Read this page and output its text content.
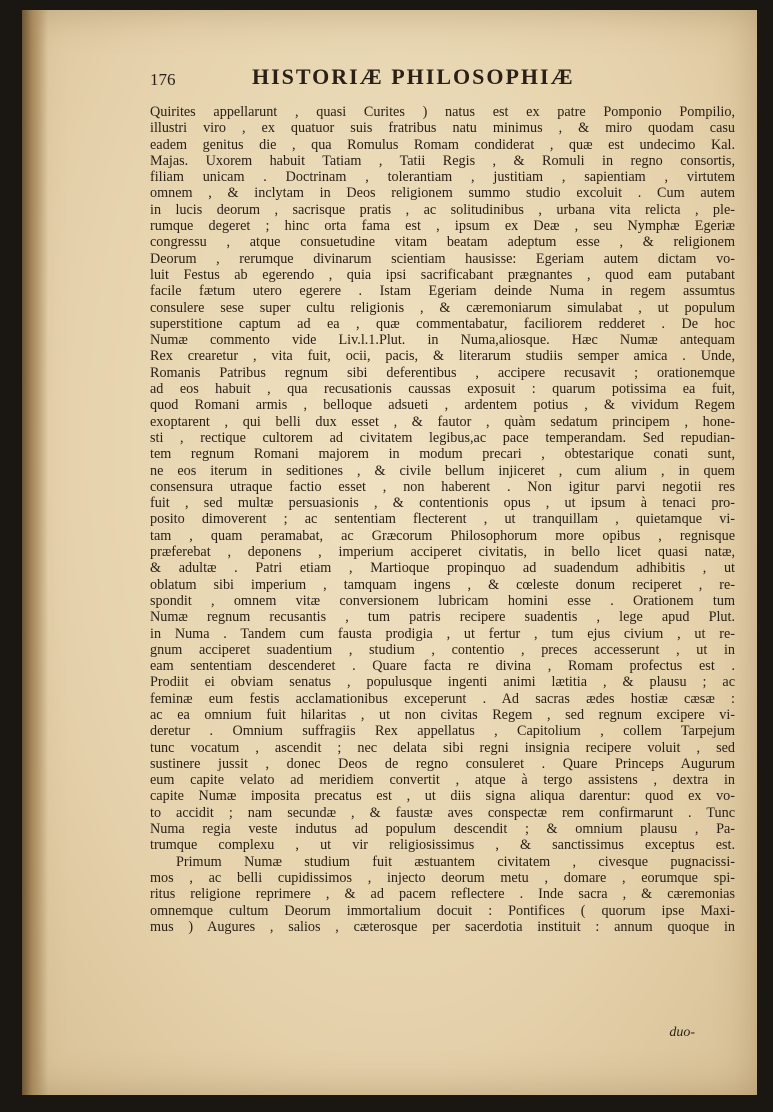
176	HISTORIÆ PHILOSOPHIÆ
Quirites appellarunt , quasi Curites ) natus est ex patre Pomponio Pompilio,
illustri viro , ex quatuor suis fratribus natu minimus , & miro quodam casu
eadem genitus die , qua Romulus Romam condiderat , quæ est undecimo Kal.
Majas. Uxorem habuit Tatiam , Tatii Regis , & Romuli in regno consortis,
filiam unicam . Doctrinam , tolerantiam , justitiam , sapientiam , virtutem
omnem , & inclytam in Deos religionem summo studio excoluit . Cum autem
in lucis deorum , sacrisque pratis , ac solitudinibus , urbana vita relicta , ple-
rumque degeret ; hinc orta fama est , ipsum ex Deæ , seu Nymphæ Egeriæ
congressu , atque consuetudine vitam beatam adeptum esse , & religionem
Deorum , rerumque divinarum scientiam hausisse: Egeriam autem dictam vo-
luit Festus ab egerendo , quia ipsi sacrificabant prægnantes , quod eam putabant
facile fætum utero egerere . Istam Egeriam deinde Numa in regem assumtus
consulere sese super cultu religionis , & cæremoniarum simulabat , ut populum
superstitione captum ad ea , quæ commentabatur, faciliorem redderet . De hoc
Numæ commento vide Liv.l.1.Plut. in Numa,aliosque. Hæc Numæ antequam
Rex crearetur , vita fuit, ocii, pacis, & literarum studiis semper amica . Unde,
Romanis Patribus regnum sibi deferentibus , accipere recusavit ; orationemque
ad eos habuit , qua recusationis caussas exposuit : quarum potissima ea fuit,
quod Romani armis , belloque adsueti , ardentem potius , & vividum Regem
exoptarent , qui belli dux esset , & fautor , quàm sedatum principem , hone-
sti , rectique cultorem ad civitatem legibus,ac pace temperandam. Sed repudian-
tem regnum Romani majorem in modum precari , obtestarique conati sunt,
ne eos iterum in seditiones , & civile bellum injiceret , cum alium , in quem
consensura utraque factio esset , non haberent . Non igitur parvi negotii res
fuit , sed multæ persuasionis , & contentionis opus , ut ipsum à tenaci pro-
posito dimoverent ; ac sententiam flecterent , ut tranquillam , quietamque vi-
tam , quam peramabat, ac Græcorum Philosophorum more opibus , regnisque
præferebat , deponens , imperium acciperet civitatis, in bello licet quasi natæ,
& adultæ . Patri etiam , Martioque propinquo ad suadendum adhibitis , ut
oblatum sibi imperium , tamquam ingens , & cœleste donum reciperet , re-
spondit , omnem vitæ conversionem lubricam homini esse . Orationem tum
Numæ regnum recusantis , tum patris recipere suadentis , lege apud Plut.
in Numa . Tandem cum fausta prodigia , ut fertur , tum ejus civium , ut re-
gnum acciperet suadentium , studium , contentio , preces accesserunt , ut in
eam sententiam descenderet . Quare facta re divina , Romam profectus est .
Prodiit ei obviam senatus , populusque ingenti animi lætitia , & plausu ; ac
feminæ eum festis acclamationibus exceperunt . Ad sacras ædes hostiæ cæsæ :
ac ea omnium fuit hilaritas , ut non civitas Regem , sed regnum excipere vi-
deretur . Omnium suffragiis Rex appellatus , Capitolium , collem Tarpejum
tunc vocatum , ascendit ; nec delata sibi regni insignia recipere voluit , sed
sustinere jussit , donec Deos de regno consuleret . Quare Princeps Augurum
eum capite velato ad meridiem convertit , atque à tergo assistens , dextra in
capite Numæ imposita precatus est , ut diis signa aliqua darentur: quod ex vo-
to accidit ; nam secundæ , & faustæ aves conspectæ rem confirmarunt . Tunc
Numa regia veste indutus ad populum descendit ; & omnium plausu , Pa-
trumque complexu , ut vir religiosissimus , & sanctissimus exceptus est.
Primum Numæ studium fuit æstuantem civitatem , civesque pugnacissi-
mos , ac belli cupidissimos , injecto deorum metu , domare , eorumque spi-
ritus religione reprimere , & ad pacem reflectere . Inde sacra , & cæremonias
omnemque cultum Deorum immortalium docuit : Pontifices ( quorum ipse Maxi-
mus ) Augures , salios , cæterosque per sacerdotia instituit : annum quoque in
duo-
